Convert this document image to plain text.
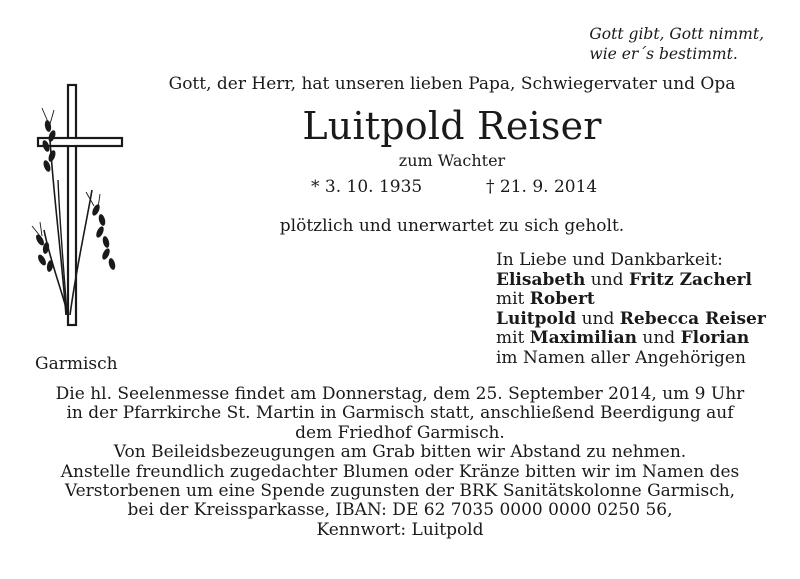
Gott gibt, Gott nimmt,
wie er´s bestimmt.
Gott, der Herr, hat unseren lieben Papa, Schwiegervater und Opa
Luitpold Reiser
zum Wachter
* 3. 10. 1935	† 21. 9. 2014
plötzlich und unerwartet zu sich geholt.
In Liebe und Dankbarkeit:
Elisabeth und Fritz Zacherl
mit Robert
Luitpold und Rebecca Reiser
mit Maximilian und Florian
im Namen aller Angehörigen
Garmisch
Die hl. Seelenmesse findet am Donnerstag, dem 25. September 2014, um 9 Uhr
in der Pfarrkirche St. Martin in Garmisch statt, anschließend Beerdigung auf
dem Friedhof Garmisch.
Von Beileidsbezeugungen am Grab bitten wir Abstand zu nehmen.
Anstelle freundlich zugedachter Blumen oder Kränze bitten wir im Namen des
Verstorbenen um eine Spende zugunsten der BRK Sanitätskolonne Garmisch,
bei der Kreissparkasse, IBAN: DE 62 7035 0000 0000 0250 56,
Kennwort: Luitpold
